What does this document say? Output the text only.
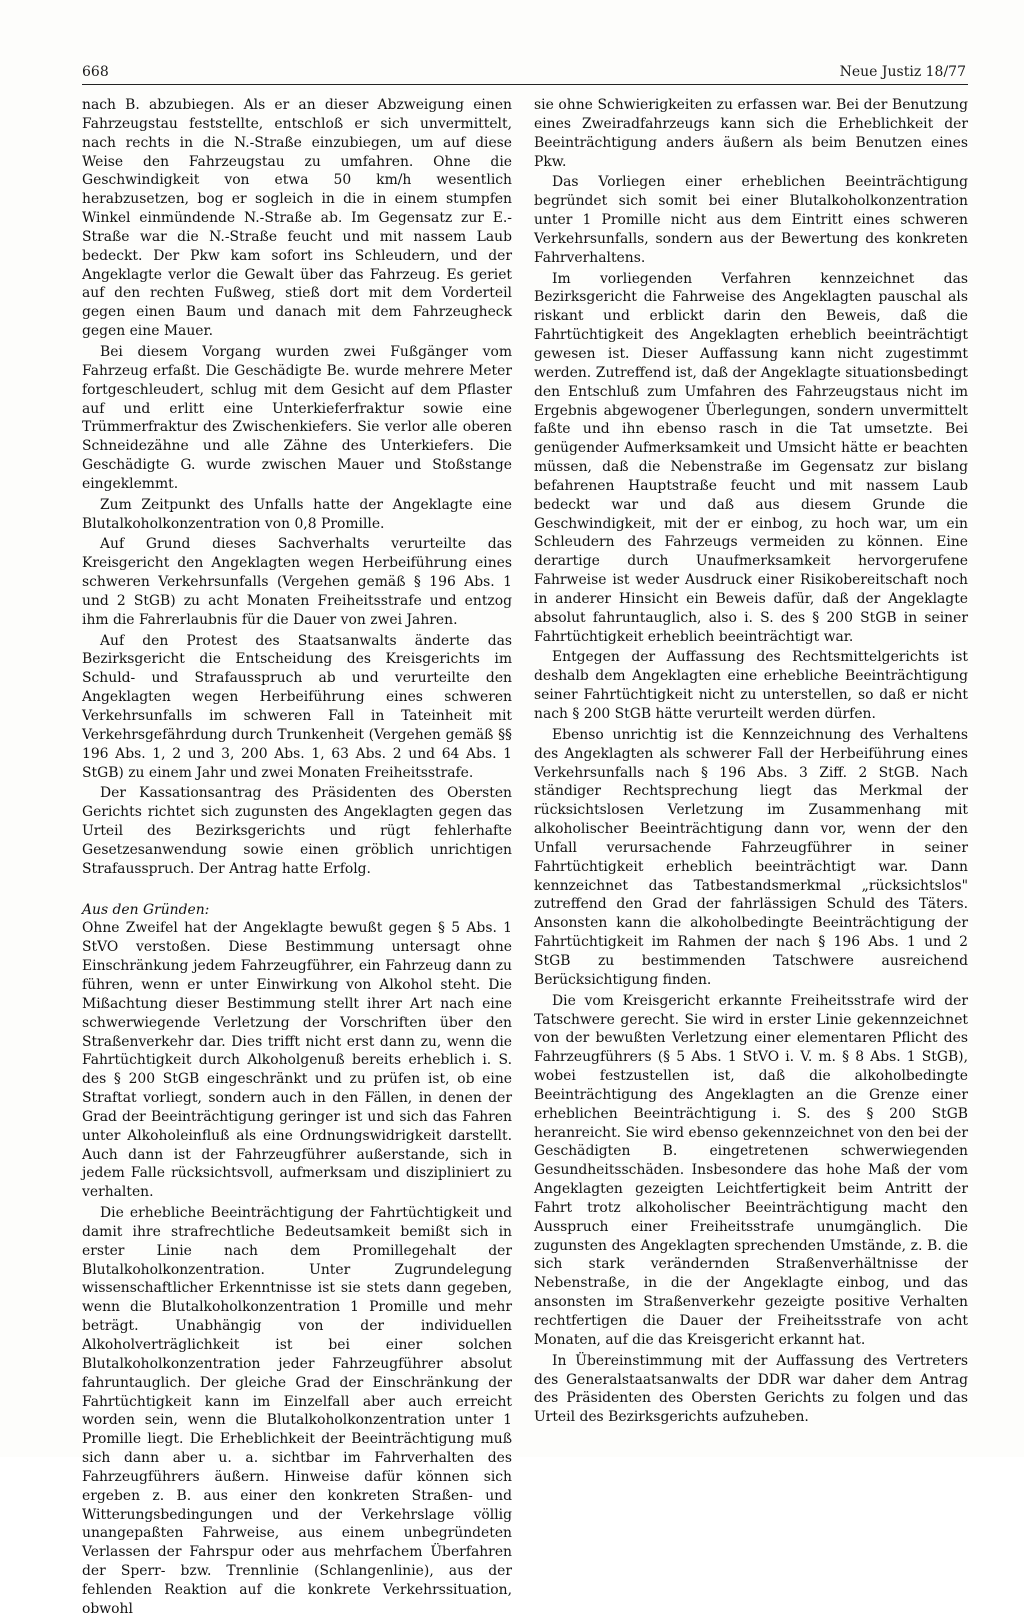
668	Neue Justiz 18/77

nach B. abzubiegen. Als er an dieser Abzweigung einen Fahrzeugstau feststellte, entschloß er sich unvermittelt, nach rechts in die N.-Straße einzubiegen, um auf diese Weise den Fahrzeugstau zu umfahren. Ohne die Geschwindigkeit von etwa 50 km/h wesentlich herabzusetzen, bog er sogleich in die in einem stumpfen Winkel einmündende N.-Straße ab. Im Gegensatz zur E.-Straße war die N.-Straße feucht und mit nassem Laub bedeckt. Der Pkw kam sofort ins Schleudern, und der Angeklagte verlor die Gewalt über das Fahrzeug. Es geriet auf den rechten Fußweg, stieß dort mit dem Vorderteil gegen einen Baum und danach mit dem Fahrzeugheck gegen eine Mauer.

Bei diesem Vorgang wurden zwei Fußgänger vom Fahrzeug erfaßt. Die Geschädigte Be. wurde mehrere Meter fortgeschleudert, schlug mit dem Gesicht auf dem Pflaster auf und erlitt eine Unterkieferfraktur sowie eine Trümmerfraktur des Zwischenkiefers. Sie verlor alle oberen Schneidezähne und alle Zähne des Unterkiefers. Die Geschädigte G. wurde zwischen Mauer und Stoßstange eingeklemmt.

Zum Zeitpunkt des Unfalls hatte der Angeklagte eine Blutalkoholkonzentration von 0,8 Promille.

Auf Grund dieses Sachverhalts verurteilte das Kreisgericht den Angeklagten wegen Herbeiführung eines schweren Verkehrsunfalls (Vergehen gemäß § 196 Abs. 1 und 2 StGB) zu acht Monaten Freiheitsstrafe und entzog ihm die Fahrerlaubnis für die Dauer von zwei Jahren.

Auf den Protest des Staatsanwalts änderte das Bezirksgericht die Entscheidung des Kreisgerichts im Schuld- und Strafausspruch ab und verurteilte den Angeklagten wegen Herbeiführung eines schweren Verkehrsunfalls im schweren Fall in Tateinheit mit Verkehrsgefährdung durch Trunkenheit (Vergehen gemäß §§ 196 Abs. 1, 2 und 3, 200 Abs. 1, 63 Abs. 2 und 64 Abs. 1 StGB) zu einem Jahr und zwei Monaten Freiheitsstrafe.

Der Kassationsantrag des Präsidenten des Obersten Gerichts richtet sich zugunsten des Angeklagten gegen das Urteil des Bezirksgerichts und rügt fehlerhafte Gesetzesanwendung sowie einen gröblich unrichtigen Strafausspruch. Der Antrag hatte Erfolg.

Aus den Gründen:

Ohne Zweifel hat der Angeklagte bewußt gegen § 5 Abs. 1 StVO verstoßen. Diese Bestimmung untersagt ohne Einschränkung jedem Fahrzeugführer, ein Fahrzeug dann zu führen, wenn er unter Einwirkung von Alkohol steht. Die Mißachtung dieser Bestimmung stellt ihrer Art nach eine schwerwiegende Verletzung der Vorschriften über den Straßenverkehr dar. Dies trifft nicht erst dann zu, wenn die Fahrtüchtigkeit durch Alkoholgenuß bereits erheblich i. S. des § 200 StGB eingeschränkt und zu prüfen ist, ob eine Straftat vorliegt, sondern auch in den Fällen, in denen der Grad der Beeinträchtigung geringer ist und sich das Fahren unter Alkoholeinfluß als eine Ordnungswidrigkeit darstellt. Auch dann ist der Fahrzeugführer außerstande, sich in jedem Falle rücksichtsvoll, aufmerksam und diszipliniert zu verhalten.

Die erhebliche Beeinträchtigung der Fahrtüchtigkeit und damit ihre strafrechtliche Bedeutsamkeit bemißt sich in erster Linie nach dem Promillegehalt der Blutalkoholkonzentration. Unter Zugrundelegung wissenschaftlicher Erkenntnisse ist sie stets dann gegeben, wenn die Blutalkoholkonzentration 1 Promille und mehr beträgt. Unabhängig von der individuellen Alkoholverträglichkeit ist bei einer solchen Blutalkoholkonzentration jeder Fahrzeugführer absolut fahruntauglich. Der gleiche Grad der Einschränkung der Fahrtüchtigkeit kann im Einzelfall aber auch erreicht worden sein, wenn die Blutalkoholkonzentration unter 1 Promille liegt. Die Erheblichkeit der Beeinträchtigung muß sich dann aber u. a. sichtbar im Fahrverhalten des Fahrzeugführers äußern. Hinweise dafür können sich ergeben z. B. aus einer den konkreten Straßen- und Witterungsbedingungen und der Verkehrslage völlig unangepaßten Fahrweise, aus einem unbegründeten Verlassen der Fahrspur oder aus mehrfachem Überfahren der Sperr- bzw. Trennlinie (Schlangenlinie), aus der fehlenden Reaktion auf die konkrete Verkehrssituation, obwohl

sie ohne Schwierigkeiten zu erfassen war. Bei der Benutzung eines Zweiradfahrzeugs kann sich die Erheblichkeit der Beeinträchtigung anders äußern als beim Benutzen eines Pkw.

Das Vorliegen einer erheblichen Beeinträchtigung begründet sich somit bei einer Blutalkoholkonzentration unter 1 Promille nicht aus dem Eintritt eines schweren Verkehrsunfalls, sondern aus der Bewertung des konkreten Fahrverhaltens.

Im vorliegenden Verfahren kennzeichnet das Bezirksgericht die Fahrweise des Angeklagten pauschal als riskant und erblickt darin den Beweis, daß die Fahrtüchtigkeit des Angeklagten erheblich beeinträchtigt gewesen ist. Dieser Auffassung kann nicht zugestimmt werden. Zutreffend ist, daß der Angeklagte situationsbedingt den Entschluß zum Umfahren des Fahrzeugstaus nicht im Ergebnis abgewogener Überlegungen, sondern unvermittelt faßte und ihn ebenso rasch in die Tat umsetzte. Bei genügender Aufmerksamkeit und Umsicht hätte er beachten müssen, daß die Nebenstraße im Gegensatz zur bislang befahrenen Hauptstraße feucht und mit nassem Laub bedeckt war und daß aus diesem Grunde die Geschwindigkeit, mit der er einbog, zu hoch war, um ein Schleudern des Fahrzeugs vermeiden zu können. Eine derartige durch Unaufmerksamkeit hervorgerufene Fahrweise ist weder Ausdruck einer Risikobereitschaft noch in anderer Hinsicht ein Beweis dafür, daß der Angeklagte absolut fahruntauglich, also i. S. des § 200 StGB in seiner Fahrtüchtigkeit erheblich beeinträchtigt war.

Entgegen der Auffassung des Rechtsmittelgerichts ist deshalb dem Angeklagten eine erhebliche Beeinträchtigung seiner Fahrtüchtigkeit nicht zu unterstellen, so daß er nicht nach § 200 StGB hätte verurteilt werden dürfen.

Ebenso unrichtig ist die Kennzeichnung des Verhaltens des Angeklagten als schwerer Fall der Herbeiführung eines Verkehrsunfalls nach § 196 Abs. 3 Ziff. 2 StGB. Nach ständiger Rechtsprechung liegt das Merkmal der rücksichtslosen Verletzung im Zusammenhang mit alkoholischer Beeinträchtigung dann vor, wenn der den Unfall verursachende Fahrzeugführer in seiner Fahrtüchtigkeit erheblich beeinträchtigt war. Dann kennzeichnet das Tatbestandsmerkmal „rücksichtslos" zutreffend den Grad der fahrlässigen Schuld des Täters. Ansonsten kann die alkoholbedingte Beeinträchtigung der Fahrtüchtigkeit im Rahmen der nach § 196 Abs. 1 und 2 StGB zu bestimmenden Tatschwere ausreichend Berücksichtigung finden.

Die vom Kreisgericht erkannte Freiheitsstrafe wird der Tatschwere gerecht. Sie wird in erster Linie gekennzeichnet von der bewußten Verletzung einer elementaren Pflicht des Fahrzeugführers (§ 5 Abs. 1 StVO i. V. m. § 8 Abs. 1 StGB), wobei festzustellen ist, daß die alkoholbedingte Beeinträchtigung des Angeklagten an die Grenze einer erheblichen Beeinträchtigung i. S. des § 200 StGB heranreicht. Sie wird ebenso gekennzeichnet von den bei der Geschädigten B. eingetretenen schwerwiegenden Gesundheitsschäden. Insbesondere das hohe Maß der vom Angeklagten gezeigten Leichtfertigkeit beim Antritt der Fahrt trotz alkoholischer Beeinträchtigung macht den Ausspruch einer Freiheitsstrafe unumgänglich. Die zugunsten des Angeklagten sprechenden Umstände, z. B. die sich stark verändernden Straßenverhältnisse der Nebenstraße, in die der Angeklagte einbog, und das ansonsten im Straßenverkehr gezeigte positive Verhalten rechtfertigen die Dauer der Freiheitsstrafe von acht Monaten, auf die das Kreisgericht erkannt hat.

In Übereinstimmung mit der Auffassung des Vertreters des Generalstaatsanwalts der DDR war daher dem Antrag des Präsidenten des Obersten Gerichts zu folgen und das Urteil des Bezirksgerichts aufzuheben.
